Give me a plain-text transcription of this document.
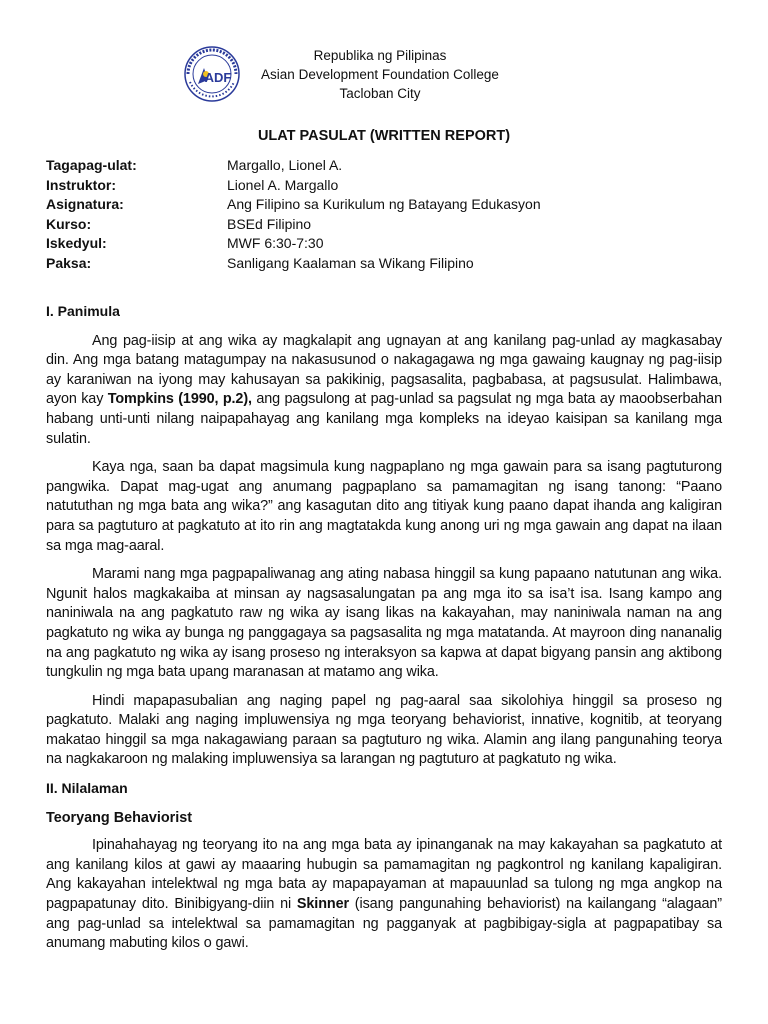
ADF
Republika ng Pilipinas
Asian Development Foundation College
Tacloban City
ULAT PASULAT (WRITTEN REPORT)
Tagapag-ulat:	Margallo, Lionel A.
Instruktor:	Lionel A. Margallo
Asignatura:	Ang Filipino sa Kurikulum ng Batayang Edukasyon
Kurso:	BSEd Filipino
Iskedyul:	MWF 6:30-7:30
Paksa:	Sanligang Kaalaman sa Wikang Filipino
I. Panimula

Ang pag-iisip at ang wika ay magkalapit ang ugnayan at ang kanilang pag-unlad ay magkasabay din. Ang mga batang matagumpay na nakasusunod o nakagagawa ng mga gawaing kaugnay ng pag-iisip ay karaniwan na iyong may kahusayan sa pakikinig, pagsasalita, pagbabasa, at pagsusulat. Halimbawa, ayon kay Tompkins (1990, p.2), ang pagsulong at pag-unlad sa pagsulat ng mga bata ay maoobserbahan habang unti-unti nilang naipapahayag ang kanilang mga kompleks na ideyao kaisipan sa kanilang mga sulatin.

Kaya nga, saan ba dapat magsimula kung nagpaplano ng mga gawain para sa isang pagtuturong pangwika. Dapat mag-ugat ang anumang pagpaplano sa pamamagitan ng isang tanong: “Paano natututhan ng mga bata ang wika?” ang kasagutan dito ang titiyak kung paano dapat ihanda ang kaligiran para sa pagtuturo at pagkatuto at ito rin ang magtatakda kung anong uri ng mga gawain ang dapat na ilaan sa mga mag-aaral.

Marami nang mga pagpapaliwanag ang ating nabasa hinggil sa kung papaano natutunan ang wika. Ngunit halos magkakaiba at minsan ay nagsasalungatan pa ang mga ito sa isa’t isa. Isang kampo ang naniniwala na ang pagkatuto raw ng wika ay isang likas na kakayahan, may naniniwala naman na ang pagkatuto ng wika ay bunga ng panggagaya sa pagsasalita ng mga matatanda. At mayroon ding nananalig na ang pagkatuto ng wika ay isang proseso ng interaksyon sa kapwa at dapat bigyang pansin ang aktibong tungkulin ng mga bata upang maranasan at matamo ang wika.

Hindi mapapasubalian ang naging papel ng pag-aaral saa sikolohiya hinggil sa proseso ng pagkatuto. Malaki ang naging impluwensiya ng mga teoryang behaviorist, innative, kognitib, at teoryang makatao hinggil sa mga nakagawiang paraan sa pagtuturo ng wika. Alamin ang ilang pangunahing teorya na nagkakaroon ng malaking impluwensiya sa larangan ng pagtuturo at pagkatuto ng wika.

II. Nilalaman
Teoryang Behaviorist

Ipinahahayag ng teoryang ito na ang mga bata ay ipinanganak na may kakayahan sa pagkatuto at ang kanilang kilos at gawi ay maaaring hubugin sa pamamagitan ng pagkontrol ng kanilang kapaligiran. Ang kakayahan intelektwal ng mga bata ay mapapayaman at mapauunlad sa tulong ng mga angkop na pagpapatunay dito. Binibigyang-diin ni Skinner (isang pangunahing behaviorist) na kailangang “alagaan” ang pag-unlad sa intelektwal sa pamamagitan ng pagganyak at pagbibigay-sigla at pagpapatibay sa anumang mabuting kilos o gawi.
